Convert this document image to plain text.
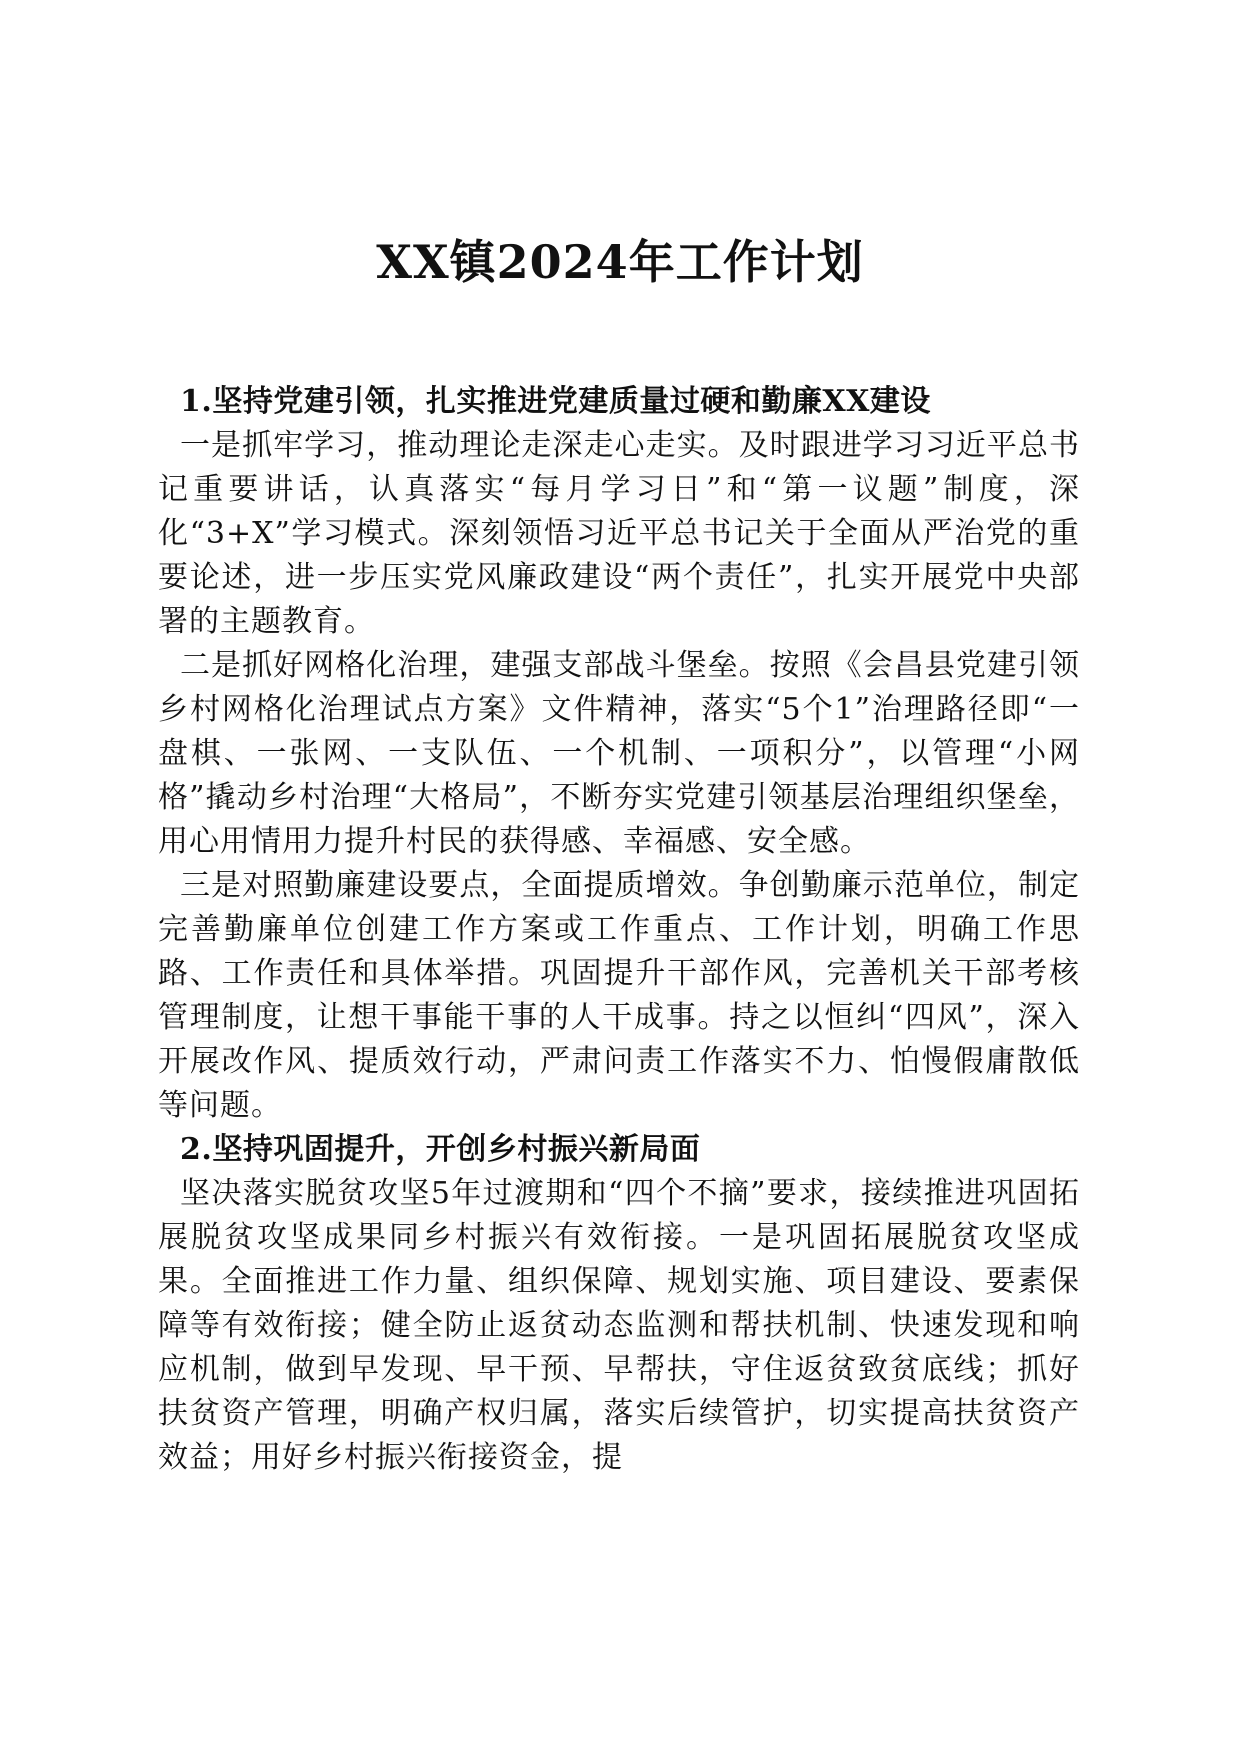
XX镇2024年工作计划
1.坚持党建引领，扎实推进党建质量过硬和勤廉XX建设

一是抓牢学习，推动理论走深走心走实。及时跟进学习习近平总书记重要讲话，认真落实“每月学习日”和“第一议题”制度，深化“3+X”学习模式。深刻领悟习近平总书记关于全面从严治党的重要论述，进一步压实党风廉政建设“两个责任”，扎实开展党中央部署的主题教育。

二是抓好网格化治理，建强支部战斗堡垒。按照《会昌县党建引领乡村网格化治理试点方案》文件精神，落实“5个1”治理路径即“一盘棋、一张网、一支队伍、一个机制、一项积分”，以管理“小网格”撬动乡村治理“大格局”，不断夯实党建引领基层治理组织堡垒，用心用情用力提升村民的获得感、幸福感、安全感。

三是对照勤廉建设要点，全面提质增效。争创勤廉示范单位，制定完善勤廉单位创建工作方案或工作重点、工作计划，明确工作思路、工作责任和具体举措。巩固提升干部作风，完善机关干部考核管理制度，让想干事能干事的人干成事。持之以恒纠“四风”，深入开展改作风、提质效行动，严肃问责工作落实不力、怕慢假庸散低等问题。

2.坚持巩固提升，开创乡村振兴新局面

坚决落实脱贫攻坚5年过渡期和“四个不摘”要求，接续推进巩固拓展脱贫攻坚成果同乡村振兴有效衔接。一是巩固拓展脱贫攻坚成果。全面推进工作力量、组织保障、规划实施、项目建设、要素保障等有效衔接；健全防止返贫动态监测和帮扶机制、快速发现和响应机制，做到早发现、早干预、早帮扶，守住返贫致贫底线；抓好扶贫资产管理，明确产权归属，落实后续管护，切实提高扶贫资产效益；用好乡村振兴衔接资金，提
